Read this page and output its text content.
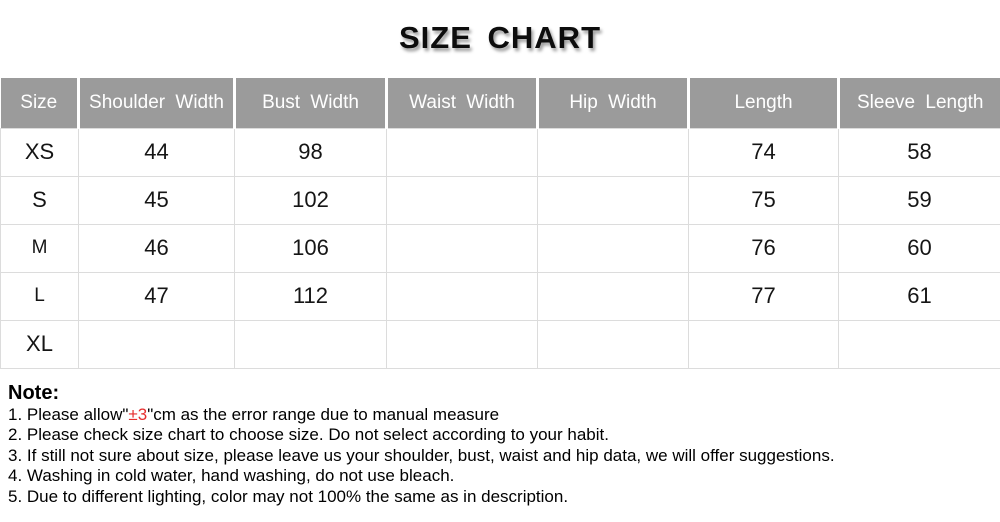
SIZE CHART
Size	Shoulder Width	Bust Width	Waist Width	Hip Width	Length	Sleeve Length
XS	44	98			74	58
S	45	102			75	59
M	46	106			76	60
L	47	112			77	61
XL						
Note:
1. Please allow"±3"cm as the error range due to manual measure
2. Please check size chart to choose size. Do not select according to your habit.
3. If still not sure about size, please leave us your shoulder, bust, waist and hip data, we will offer suggestions.
4. Washing in cold water, hand washing, do not use bleach.
5. Due to different lighting, color may not 100% the same as in description.
